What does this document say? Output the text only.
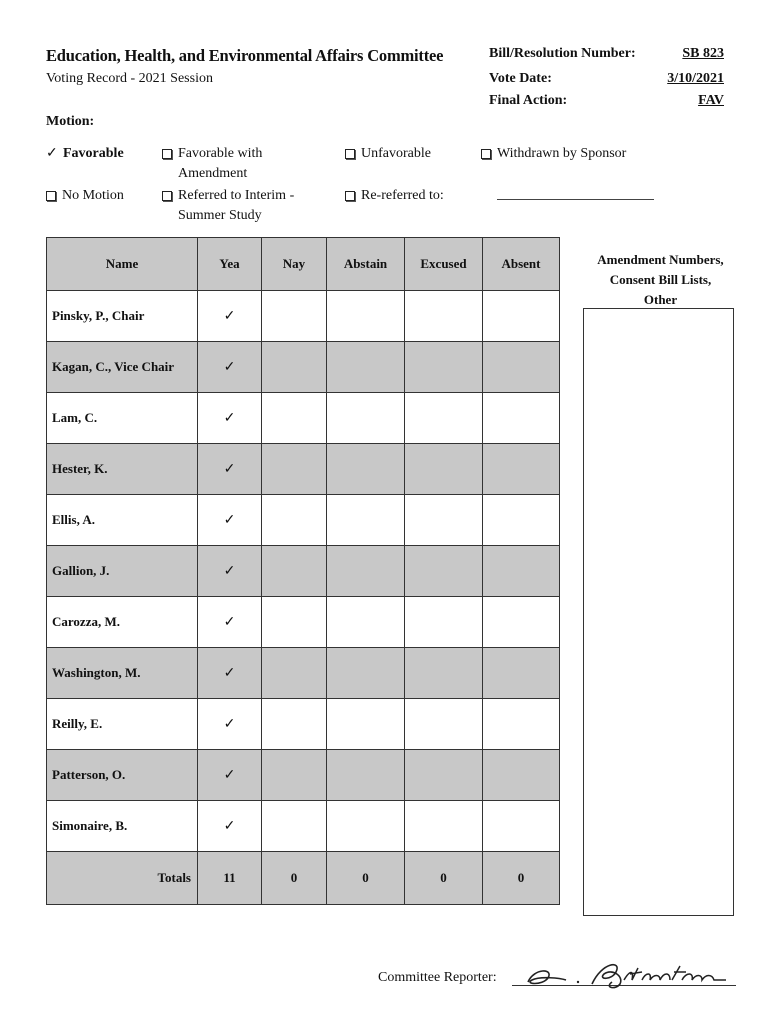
Education, Health, and Environmental Affairs Committee
Voting Record - 2021 Session
Bill/Resolution Number:	SB 823
Vote Date:	3/10/2021
Final Action:	FAV
Motion:
✓ Favorable	Favorable with Amendment
Unfavorable	Withdrawn by Sponsor
No Motion	Referred to Interim - Summer Study
Re-referred to:
Name	Yea	Nay	Abstain	Excused	Absent
Pinsky, P., Chair	✓				
Kagan, C., Vice Chair	✓				
Lam, C.	✓				
Hester, K.	✓				
Ellis, A.	✓				
Gallion, J.	✓				
Carozza, M.	✓				
Washington, M.	✓				
Reilly, E.	✓				
Patterson, O.	✓				
Simonaire, B.	✓				
Totals	11	0	0	0	0
Amendment Numbers,
Consent Bill Lists,
Other
Committee Reporter:
